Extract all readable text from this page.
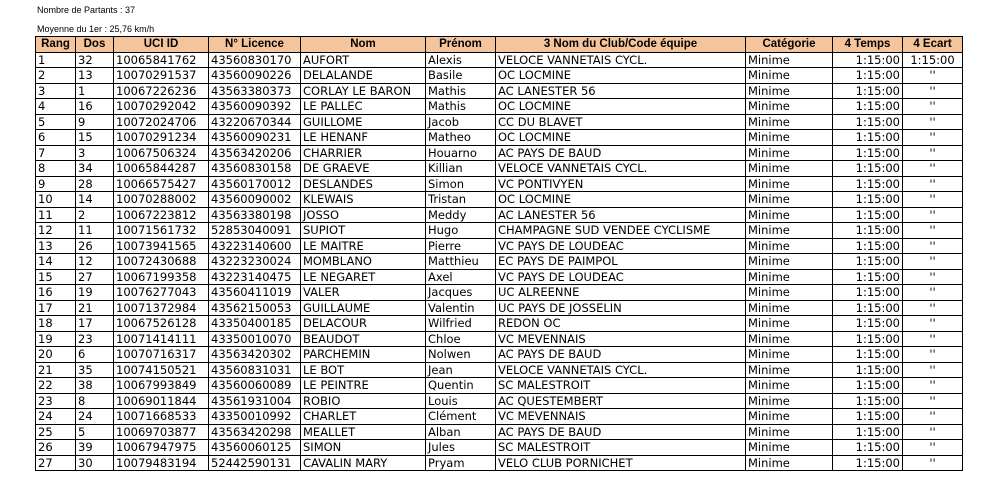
Nombre de Partants : 37
Moyenne du 1er : 25,76 km/h
Rang	Dos	UCI ID	N° Licence	Nom	Prénom	3 Nom du Club/Code équipe	Catégorie	4 Temps	4 Ecart
1	32	10065841762	43560830170	AUFORT	Alexis	VELOCE VANNETAIS CYCL.	Minime	1:15:00	1:15:00
2	13	10070291537	43560090226	DELALANDE	Basile	OC LOCMINE	Minime	1:15:00	''
3	1	10067226236	43563380373	CORLAY LE BARON	Mathis	AC LANESTER 56	Minime	1:15:00	''
4	16	10070292042	43560090392	LE PALLEC	Mathis	OC LOCMINE	Minime	1:15:00	''
5	9	10072024706	43220670344	GUILLOME	Jacob	CC DU BLAVET	Minime	1:15:00	''
6	15	10070291234	43560090231	LE HENANF	Matheo	OC LOCMINE	Minime	1:15:00	''
7	3	10067506324	43563420206	CHARRIER	Houarno	AC PAYS DE BAUD	Minime	1:15:00	''
8	34	10065844287	43560830158	DE GRAEVE	Killian	VELOCE VANNETAIS CYCL.	Minime	1:15:00	''
9	28	10066575427	43560170012	DESLANDES	Simon	VC PONTIVYEN	Minime	1:15:00	''
10	14	10070288002	43560090002	KLEWAIS	Tristan	OC LOCMINE	Minime	1:15:00	''
11	2	10067223812	43563380198	JOSSO	Meddy	AC LANESTER 56	Minime	1:15:00	''
12	11	10071561732	52853040091	SUPIOT	Hugo	CHAMPAGNE SUD VENDEE CYCLISME	Minime	1:15:00	''
13	26	10073941565	43223140600	LE MAITRE	Pierre	VC PAYS DE LOUDEAC	Minime	1:15:00	''
14	12	10072430688	43223230024	MOMBLANO	Matthieu	EC PAYS DE PAIMPOL	Minime	1:15:00	''
15	27	10067199358	43223140475	LE NEGARET	Axel	VC PAYS DE LOUDEAC	Minime	1:15:00	''
16	19	10076277043	43560411019	VALER	Jacques	UC ALREENNE	Minime	1:15:00	''
17	21	10071372984	43562150053	GUILLAUME	Valentin	UC PAYS DE JOSSELIN	Minime	1:15:00	''
18	17	10067526128	43350400185	DELACOUR	Wilfried	REDON OC	Minime	1:15:00	''
19	23	10071414111	43350010070	BEAUDOT	Chloe	VC MEVENNAIS	Minime	1:15:00	''
20	6	10070716317	43563420302	PARCHEMIN	Nolwen	AC PAYS DE BAUD	Minime	1:15:00	''
21	35	10074150521	43560831031	LE BOT	Jean	VELOCE VANNETAIS CYCL.	Minime	1:15:00	''
22	38	10067993849	43560060089	LE PEINTRE	Quentin	SC MALESTROIT	Minime	1:15:00	''
23	8	10069011844	43561931004	ROBIO	Louis	AC QUESTEMBERT	Minime	1:15:00	''
24	24	10071668533	43350010992	CHARLET	Clément	VC MEVENNAIS	Minime	1:15:00	''
25	5	10069703877	43563420298	MEALLET	Alban	AC PAYS DE BAUD	Minime	1:15:00	''
26	39	10067947975	43560060125	SIMON	Jules	SC MALESTROIT	Minime	1:15:00	''
27	30	10079483194	52442590131	CAVALIN MARY	Pryam	VELO CLUB PORNICHET	Minime	1:15:00	''
